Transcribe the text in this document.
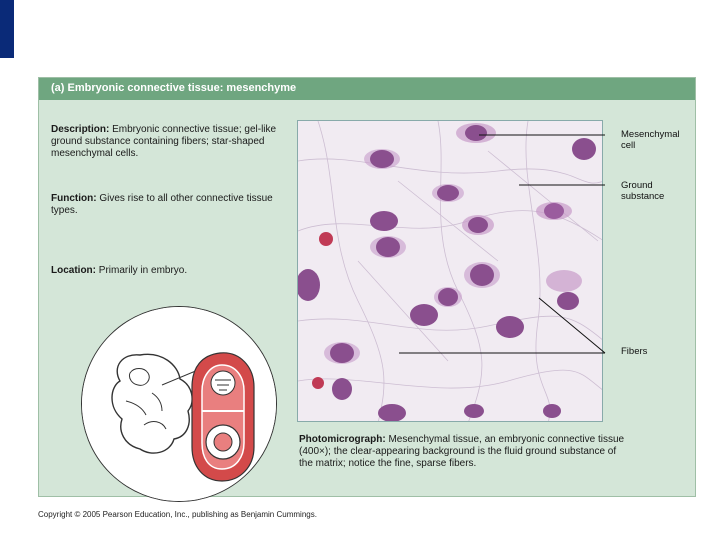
(a) Embryonic connective tissue: mesenchyme
Description: Embryonic connective tissue; gel-like ground substance containing fibers; star-shaped mesenchymal cells.
Function: Gives rise to all other connective tissue types.
Location: Primarily in embryo.
Mesenchymal cell
Ground substance
Fibers
Photomicrograph: Mesenchymal tissue, an embryonic connective tissue (400×); the clear-appearing background is the fluid ground substance of the matrix; notice the fine, sparse fibers.
Copyright © 2005 Pearson Education, Inc., publishing as Benjamin Cummings.
